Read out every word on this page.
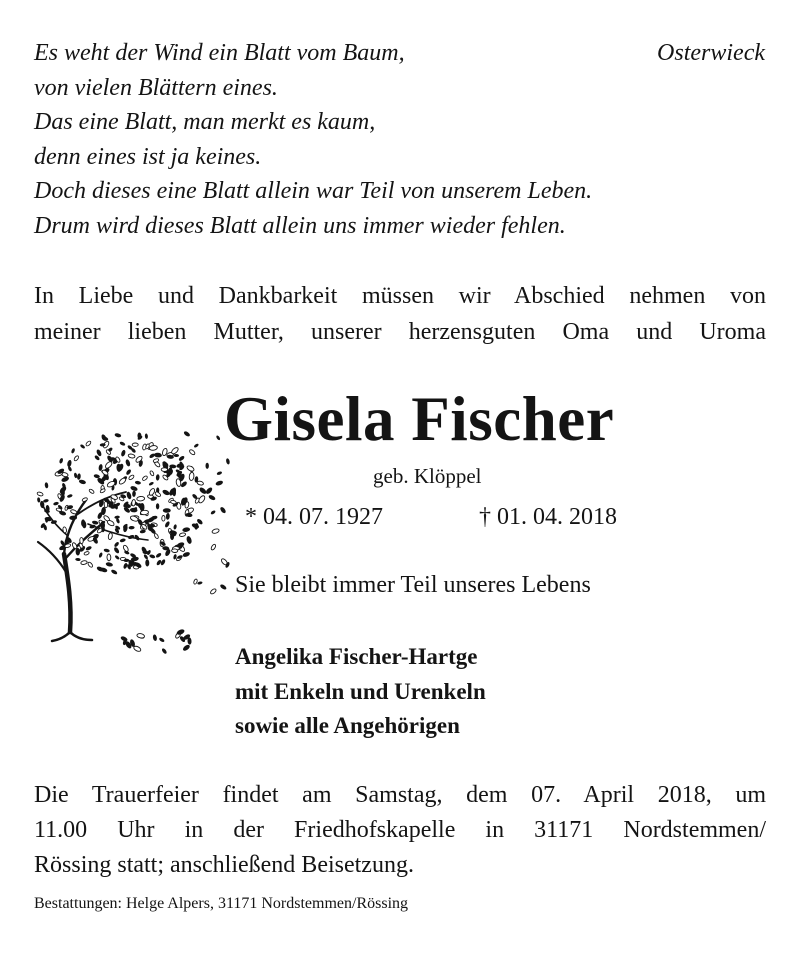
Es weht der Wind ein Blatt vom Baum,
von vielen Blättern eines.
Das eine Blatt, man merkt es kaum,
denn eines ist ja keines.
Doch dieses eine Blatt allein war Teil von unserem Leben.
Drum wird dieses Blatt allein uns immer wieder fehlen.
Osterwieck
In Liebe und Dankbarkeit müssen wir Abschied nehmen von
meiner lieben Mutter, unserer herzensguten Oma und Uroma
Gisela Fischer
geb. Klöppel
* 04. 07. 1927	† 01. 04. 2018
Sie bleibt immer Teil unseres Lebens
Angelika Fischer-Hartge
mit Enkeln und Urenkeln
sowie alle Angehörigen
Die Trauerfeier findet am Samstag, dem 07. April 2018, um
11.00 Uhr in der Friedhofskapelle in 31171 Nordstemmen/
Rössing statt; anschließend Beisetzung.
Bestattungen: Helge Alpers, 31171 Nordstemmen/Rössing
